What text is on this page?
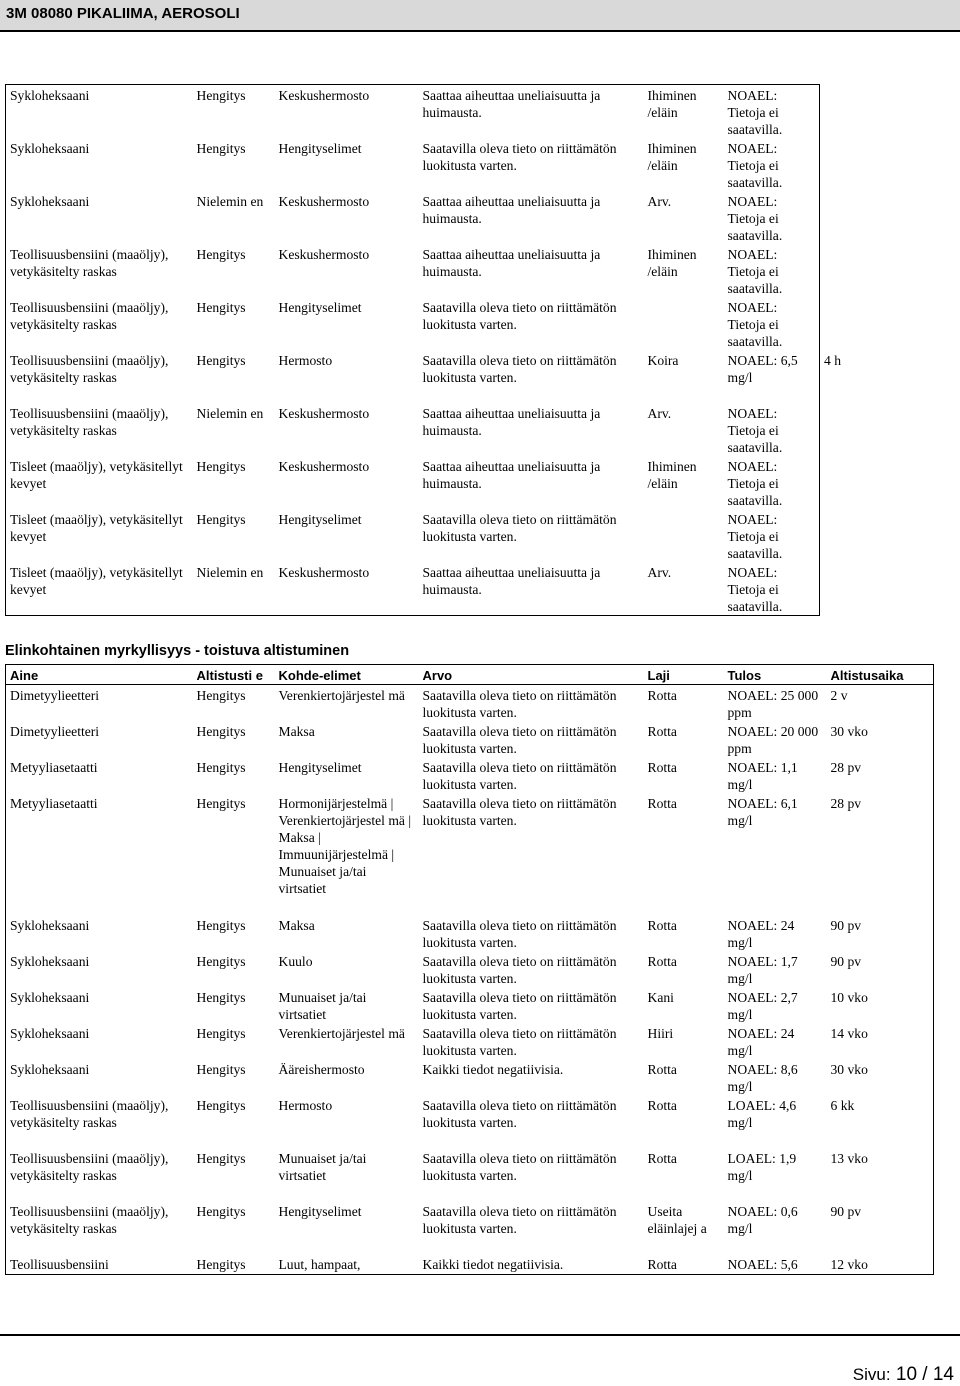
3M 08080 PIKALIIMA, AEROSOLI
Sykloheksaani	Hengitys	Keskushermosto	Saattaa aiheuttaa uneliaisuutta ja huimausta.	Ihiminen /eläin	NOAEL: Tietoja ei saatavilla.	
Sykloheksaani	Hengitys	Hengityselimet	Saatavilla oleva tieto on riittämätön luokitusta varten.	Ihiminen /eläin	NOAEL: Tietoja ei saatavilla.	
Sykloheksaani	Nielemin en	Keskushermosto	Saattaa aiheuttaa uneliaisuutta ja huimausta.	Arv.	NOAEL: Tietoja ei saatavilla.	
Teollisuusbensiini (maaöljy), vetykäsitelty raskas	Hengitys	Keskushermosto	Saattaa aiheuttaa uneliaisuutta ja huimausta.	Ihiminen /eläin	NOAEL: Tietoja ei saatavilla.	
Teollisuusbensiini (maaöljy), vetykäsitelty raskas	Hengitys	Hengityselimet	Saatavilla oleva tieto on riittämätön luokitusta varten.		NOAEL: Tietoja ei saatavilla.	
Teollisuusbensiini (maaöljy), vetykäsitelty raskas	Hengitys	Hermosto	Saatavilla oleva tieto on riittämätön luokitusta varten.	Koira	NOAEL: 6,5 mg/l	4 h
Teollisuusbensiini (maaöljy), vetykäsitelty raskas	Nielemin en	Keskushermosto	Saattaa aiheuttaa uneliaisuutta ja huimausta.	Arv.	NOAEL: Tietoja ei saatavilla.	
Tisleet (maaöljy), vetykäsitellyt kevyet	Hengitys	Keskushermosto	Saattaa aiheuttaa uneliaisuutta ja huimausta.	Ihiminen /eläin	NOAEL: Tietoja ei saatavilla.	
Tisleet (maaöljy), vetykäsitellyt kevyet	Hengitys	Hengityselimet	Saatavilla oleva tieto on riittämätön luokitusta varten.		NOAEL: Tietoja ei saatavilla.	
Tisleet (maaöljy), vetykäsitellyt kevyet	Nielemin en	Keskushermosto	Saattaa aiheuttaa uneliaisuutta ja huimausta.	Arv.	NOAEL: Tietoja ei saatavilla.	
Elinkohtainen myrkyllisyys - toistuva altistuminen
Aine	Altistusti e	Kohde-elimet	Arvo	Laji	Tulos	Altistusaika
Dimetyylieetteri	Hengitys	Verenkiertojärjestel mä	Saatavilla oleva tieto on riittämätön luokitusta varten.	Rotta	NOAEL: 25 000 ppm	2 v
Dimetyylieetteri	Hengitys	Maksa	Saatavilla oleva tieto on riittämätön luokitusta varten.	Rotta	NOAEL: 20 000 ppm	30 vko
Metyyliasetaatti	Hengitys	Hengityselimet	Saatavilla oleva tieto on riittämätön luokitusta varten.	Rotta	NOAEL: 1,1 mg/l	28 pv
Metyyliasetaatti	Hengitys	Hormonijärjestelmä | Verenkiertojärjestel mä | Maksa | Immuunijärjestelmä | Munuaiset ja/tai virtsatiet	Saatavilla oleva tieto on riittämätön luokitusta varten.	Rotta	NOAEL: 6,1 mg/l	28 pv
Sykloheksaani	Hengitys	Maksa	Saatavilla oleva tieto on riittämätön luokitusta varten.	Rotta	NOAEL: 24 mg/l	90 pv
Sykloheksaani	Hengitys	Kuulo	Saatavilla oleva tieto on riittämätön luokitusta varten.	Rotta	NOAEL: 1,7 mg/l	90 pv
Sykloheksaani	Hengitys	Munuaiset ja/tai virtsatiet	Saatavilla oleva tieto on riittämätön luokitusta varten.	Kani	NOAEL: 2,7 mg/l	10 vko
Sykloheksaani	Hengitys	Verenkiertojärjestel mä	Saatavilla oleva tieto on riittämätön luokitusta varten.	Hiiri	NOAEL: 24 mg/l	14 vko
Sykloheksaani	Hengitys	Ääreishermosto	Kaikki tiedot negatiivisia.	Rotta	NOAEL: 8,6 mg/l	30 vko
Teollisuusbensiini (maaöljy), vetykäsitelty raskas	Hengitys	Hermosto	Saatavilla oleva tieto on riittämätön luokitusta varten.	Rotta	LOAEL: 4,6 mg/l	6 kk
Teollisuusbensiini (maaöljy), vetykäsitelty raskas	Hengitys	Munuaiset ja/tai virtsatiet	Saatavilla oleva tieto on riittämätön luokitusta varten.	Rotta	LOAEL: 1,9 mg/l	13 vko
Teollisuusbensiini (maaöljy), vetykäsitelty raskas	Hengitys	Hengityselimet	Saatavilla oleva tieto on riittämätön luokitusta varten.	Useita eläinlajej a	NOAEL: 0,6 mg/l	90 pv
Teollisuusbensiini	Hengitys	Luut, hampaat,	Kaikki tiedot negatiivisia.	Rotta	NOAEL: 5,6	12 vko
Sivu: 10 / 14
